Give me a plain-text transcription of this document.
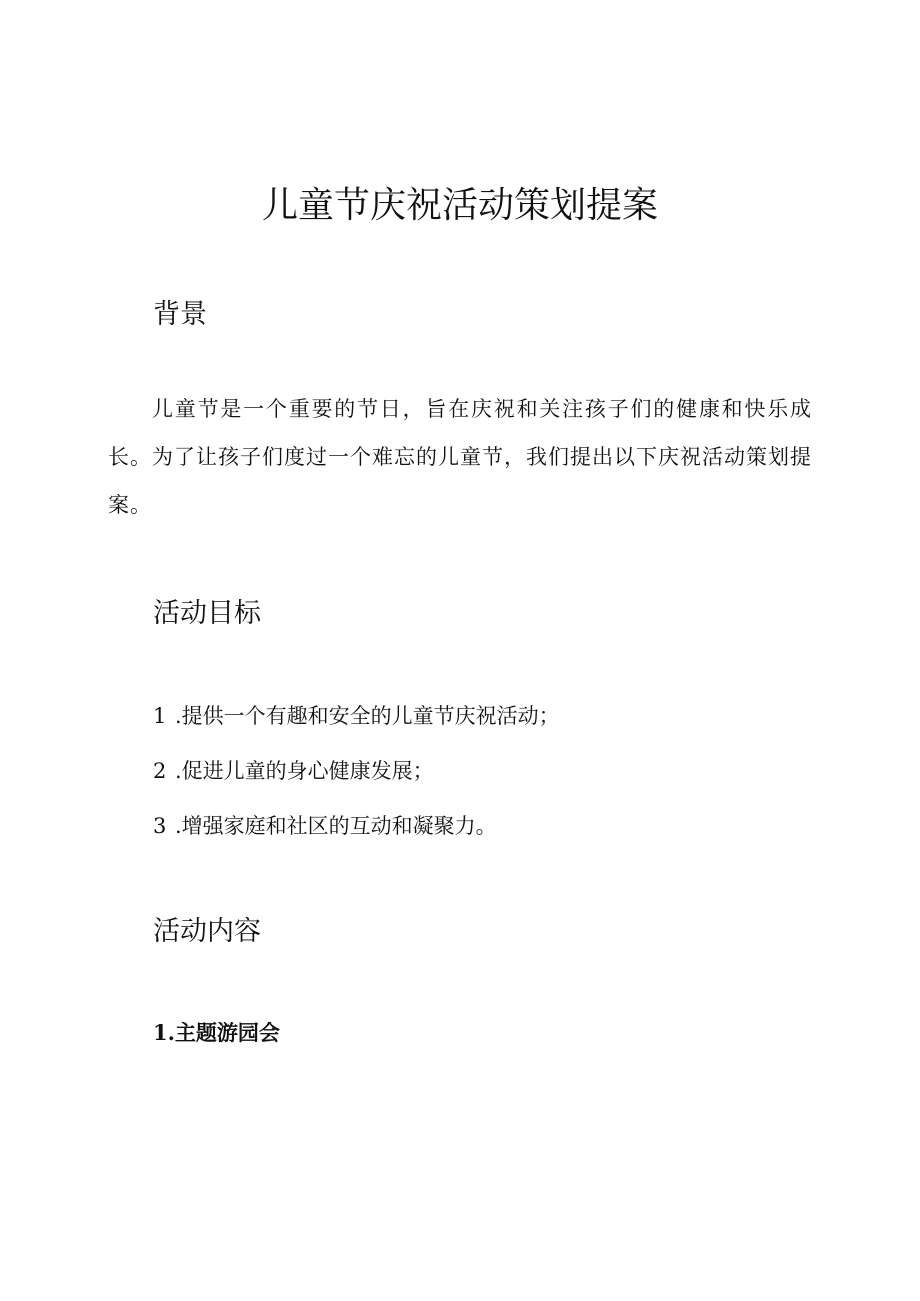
儿童节庆祝活动策划提案
背景

儿童节是一个重要的节日，旨在庆祝和关注孩子们的健康和快乐成长。为了让孩子们度过一个难忘的儿童节，我们提出以下庆祝活动策划提案。

活动目标

1 .提供一个有趣和安全的儿童节庆祝活动；

2 .促进儿童的身心健康发展；

3 .增强家庭和社区的互动和凝聚力。

活动内容
1.主题游园会
